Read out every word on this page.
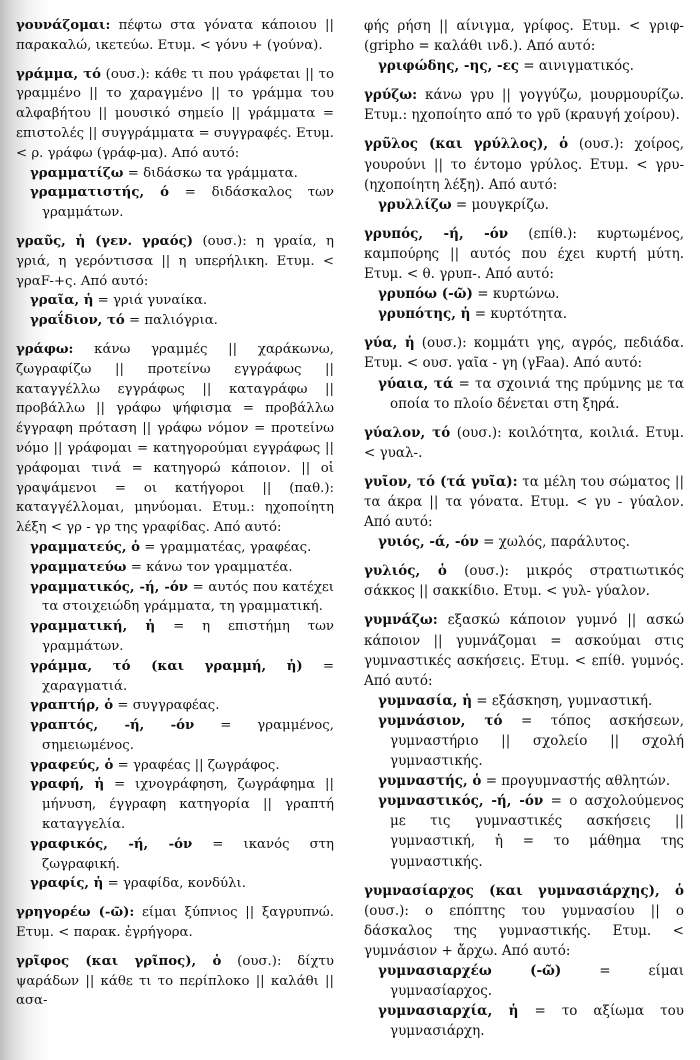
γουνάζομαι: πέφτω στα γόνατα κάποιου || παρακαλώ, ικετεύω. Ετυμ. < γόνυ + (γούνα).
γράμμα, τό (ουσ.): κάθε τι που γράφεται || το γραμμένο || το χαραγμένο || το γράμμα του αλφαβήτου || μουσικό σημείο || γράμματα = επιστολές || συγγράμματα = συγγραφές. Ετυμ. < ρ. γράφω (γράφ-μα). Από αυτό:
γραμματίζω = διδάσκω τα γράμματα.
γραμματιστής, ό = διδάσκαλος των γραμμάτων.
γραῦς, ἡ (γεν. γραός) (ουσ.): η γραία, η γριά, η γερόντισσα || η υπερήλικη. Ετυμ. < γραF-+ς. Από αυτό:
γραῖα, ἡ = γριά γυναίκα.
γραΐδιον, τό = παλιόγρια.
γράφω: κάνω γραμμές || χαράκωνω, ζωγραφίζω || προτείνω εγγράφως || καταγγέλλω εγγράφως || καταγράφω || προβάλλω || γράφω ψήφισμα = προβάλλω έγγραφη πρόταση || γράφω νόμον = προτείνω νόμο || γράφομαι = κατηγορούμαι εγγράφως || γράφομαι τινά = κατηγορώ κάποιον. || οἱ γραψάμενοι = οι κατήγοροι || (παθ.): καταγγέλλομαι, μηνύομαι. Ετυμ.: ηχοποίητη λέξη < γρ - γρ της γραφίδας. Από αυτό:
γραμματεύς, ὁ = γραμματέας, γραφέας.
γραμματεύω = κάνω τον γραμματέα.
γραμματικός, -ή, -όν = αυτός που κατέχει τα στοιχειώδη γράμματα, τη γραμματική.
γραμματική, ἡ = η επιστήμη των γραμμάτων.
γράμμα, τό (και γραμμή, ἡ) = χαραγματιά.
γραπτήρ, ὁ = συγγραφέας.
γραπτός, -ή, -όν = γραμμένος, σημειωμένος.
γραφεύς, ὁ = γραφέας || ζωγράφος.
γραφή, ἡ = ιχνογράφηση, ζωγράφημα || μήνυση, έγγραφη κατηγορία || γραπτή καταγγελία.
γραφικός, -ή, -όν = ικανός στη ζωγραφική.
γραφίς, ἡ = γραφίδα, κονδύλι.
γρηγορέω (-ῶ): είμαι ξύπνιος || ξαγρυπνώ. Ετυμ. < παρακ. ἐγρήγορα.
γρῖφος (και γρῖπος), ὁ (ουσ.): δίχτυ ψαράδων || κάθε τι το περίπλοκο || καλάθι || ασα-
φής ρήση || αίνιγμα, γρίφος. Ετυμ. < γριφ- (gripho = καλάθι ινδ.). Από αυτό:
γριφώδης, -ης, -ες = αινιγματικός.
γρύζω: κάνω γρυ || γογγύζω, μουρμουρίζω. Ετυμ.: ηχοποίητο από το γρῦ (κραυγή χοίρου).
γρῦλος (και γρύλλος), ὁ (ουσ.): χοίρος, γουρούνι || το έντομο γρύλος. Ετυμ. < γρυ- (ηχοποίητη λέξη). Από αυτό:
γρυλλίζω = μουγκρίζω.
γρυπός, -ή, -όν (επίθ.): κυρτωμένος, καμπούρης || αυτός που έχει κυρτή μύτη. Ετυμ. < θ. γρυπ-. Από αυτό:
γρυπόω (-ῶ) = κυρτώνω.
γρυπότης, ἡ = κυρτότητα.
γύα, ἡ (ουσ.): κομμάτι γης, αγρός, πεδιάδα. Ετυμ. < ουσ. γαῖα - γη (γFaa). Από αυτό:
γύαια, τά = τα σχοινιά της πρύμνης με τα οποία το πλοίο δένεται στη ξηρά.
γύαλον, τό (ουσ.): κοιλότητα, κοιλιά. Ετυμ. < γυαλ-.
γυῖον, τό (τά γυῖα): τα μέλη του σώματος || τα άκρα || τα γόνατα. Ετυμ. < γυ - γύαλον. Από αυτό:
γυιός, -ά, -όν = χωλός, παράλυτος.
γυλιός, ὁ (ουσ.): μικρός στρατιωτικός σάκκος || σακκίδιο. Ετυμ. < γυλ- γύαλον.
γυμνάζω: εξασκώ κάποιον γυμνό || ασκώ κάποιον || γυμνάζομαι = ασκούμαι στις γυμναστικές ασκήσεις. Ετυμ. < επίθ. γυμνός. Από αυτό:
γυμνασία, ἡ = εξάσκηση, γυμναστική.
γυμνάσιον, τό = τόπος ασκήσεων, γυμναστήριο || σχολείο || σχολή γυμναστικής.
γυμναστής, ὁ = προγυμναστής αθλητών.
γυμναστικός, -ή, -όν = ο ασχολούμενος με τις γυμναστικές ασκήσεις || γυμναστική, ἡ = το μάθημα της γυμναστικής.
γυμνασίαρχος (και γυμνασιάρχης), ὁ (ουσ.): ο επόπτης του γυμνασίου || ο δάσκαλος της γυμναστικής. Ετυμ. < γυμνάσιον + ἄρχω. Από αυτό:
γυμνασιαρχέω (-ῶ) = είμαι γυμνασίαρχος.
γυμνασιαρχία, ἡ = το αξίωμα του γυμνασιάρχη.
